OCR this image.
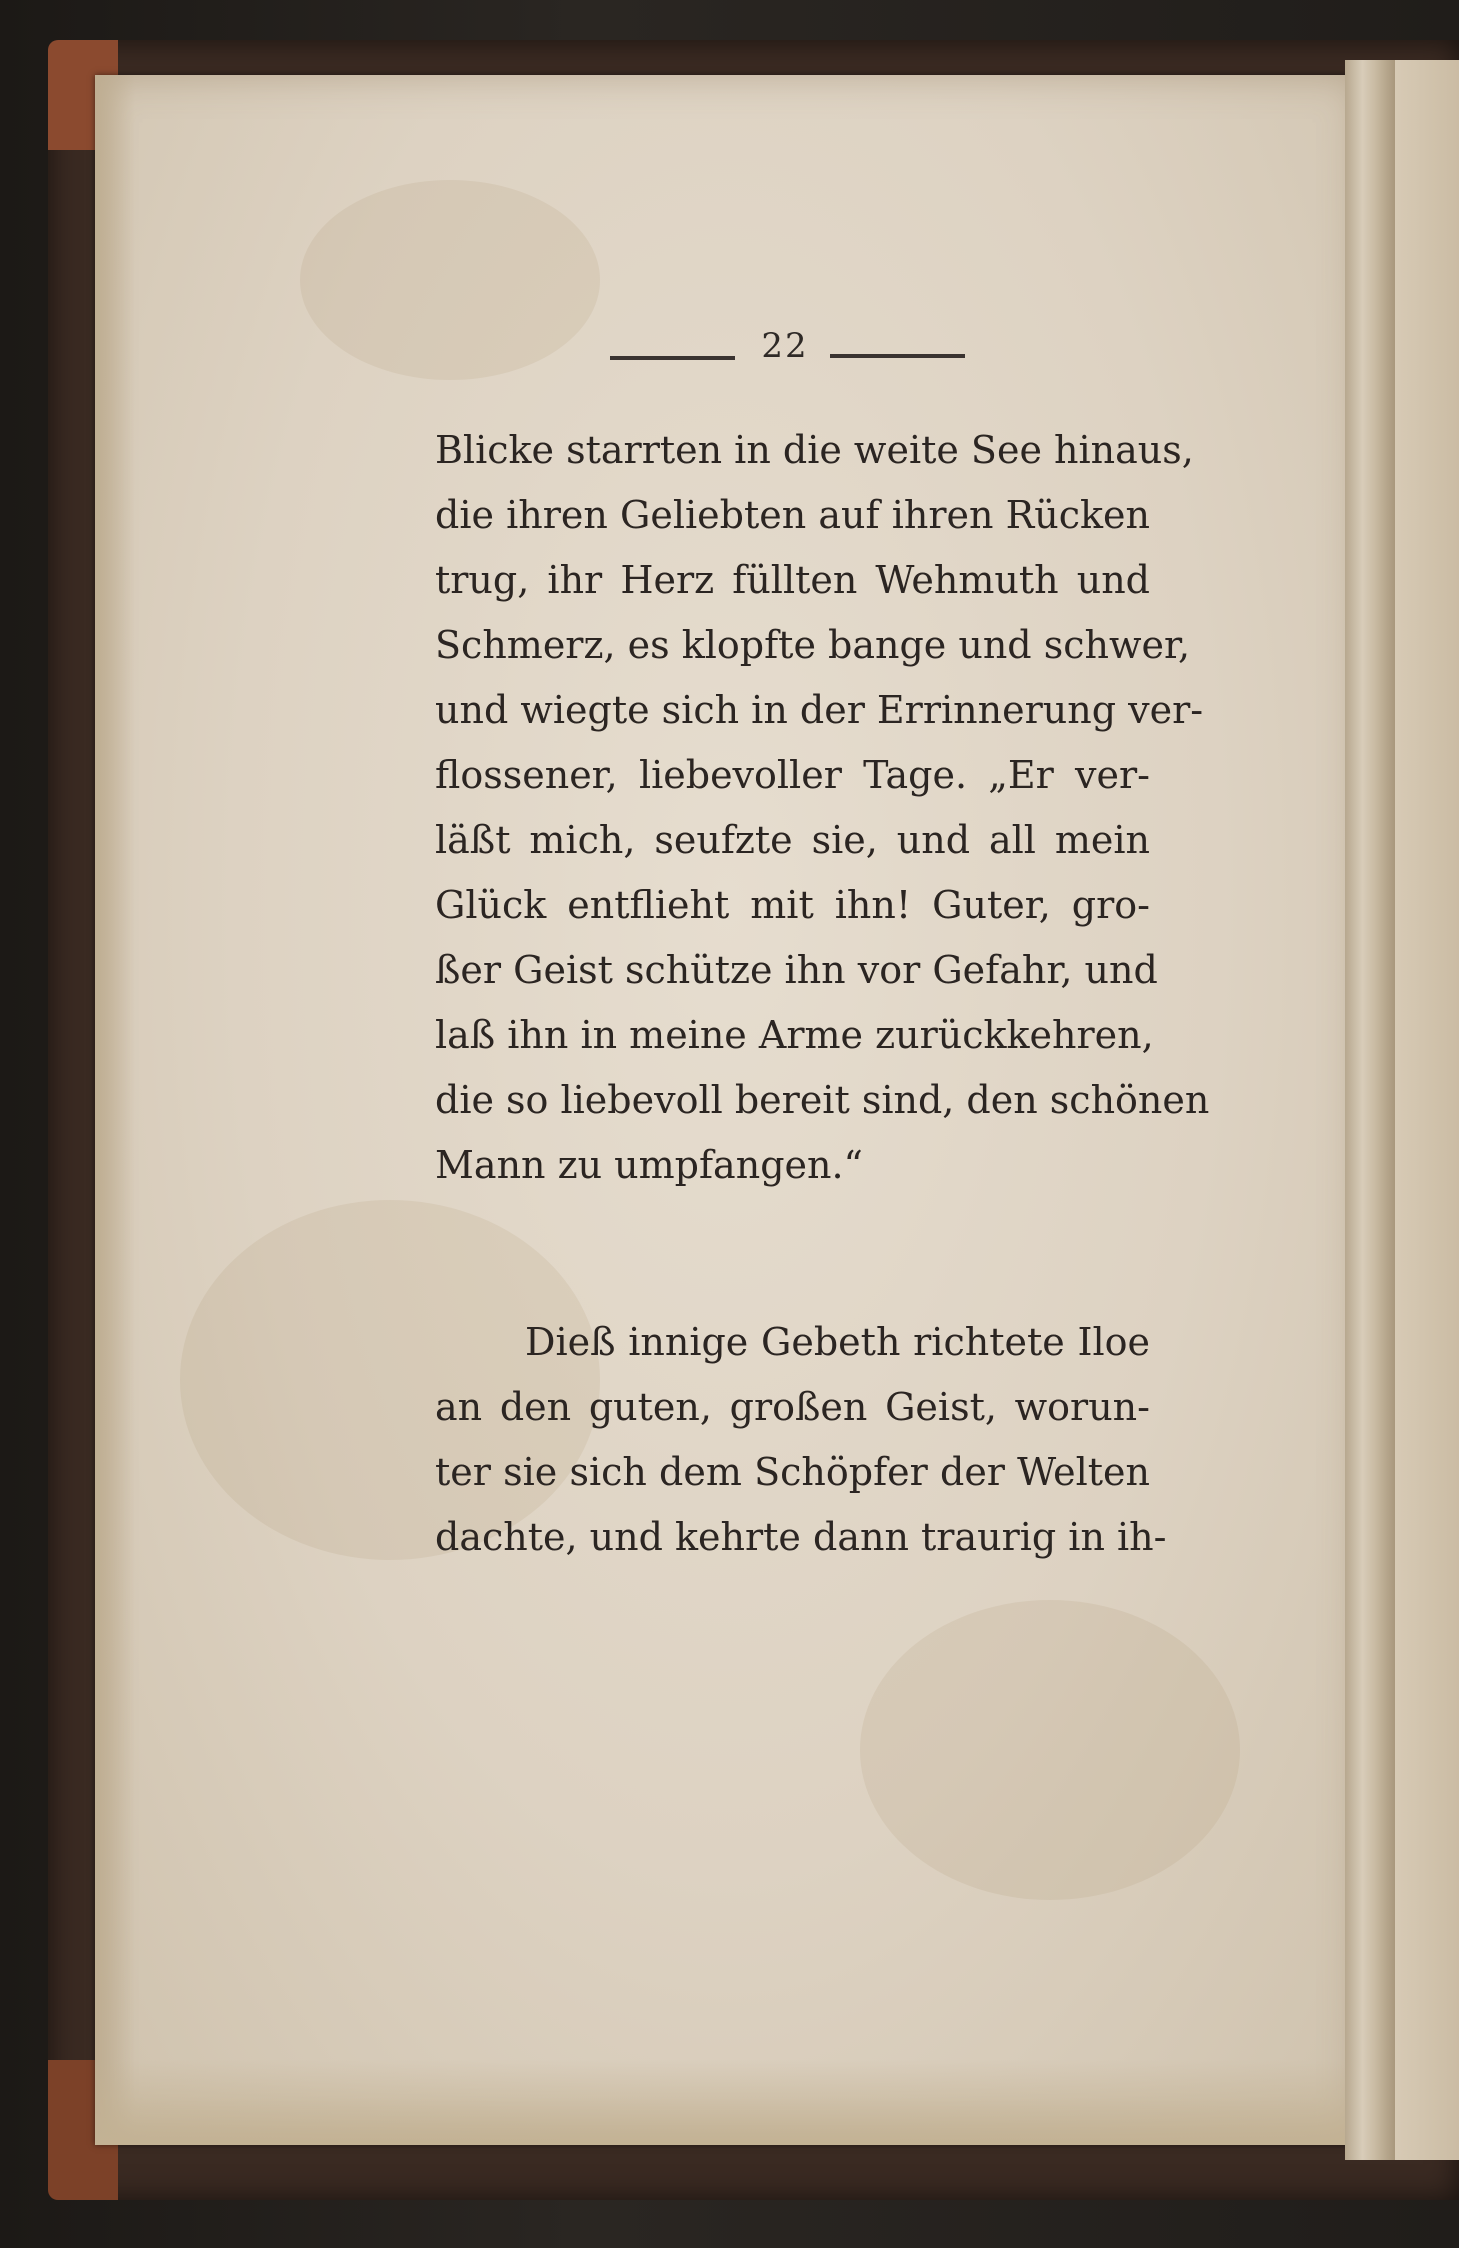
22
Blicke starrten in die weite See hinaus,
die ihren Geliebten auf ihren Rücken
trug, ihr Herz füllten Wehmuth und
Schmerz, es klopfte bange und schwer,
und wiegte sich in der Errinnerung ver-
flossener, liebevoller Tage. „Er ver-
läßt mich, seufzte sie, und all mein
Glück entflieht mit ihn! Guter, gro-
ßer Geist schütze ihn vor Gefahr, und
laß ihn in meine Arme zurückkehren,
die so liebevoll bereit sind, den schönen
Mann zu umpfangen.“
Dieß innige Gebeth richtete Iloe
an den guten, großen Geist, worun-
ter sie sich dem Schöpfer der Welten
dachte, und kehrte dann traurig in ih-
